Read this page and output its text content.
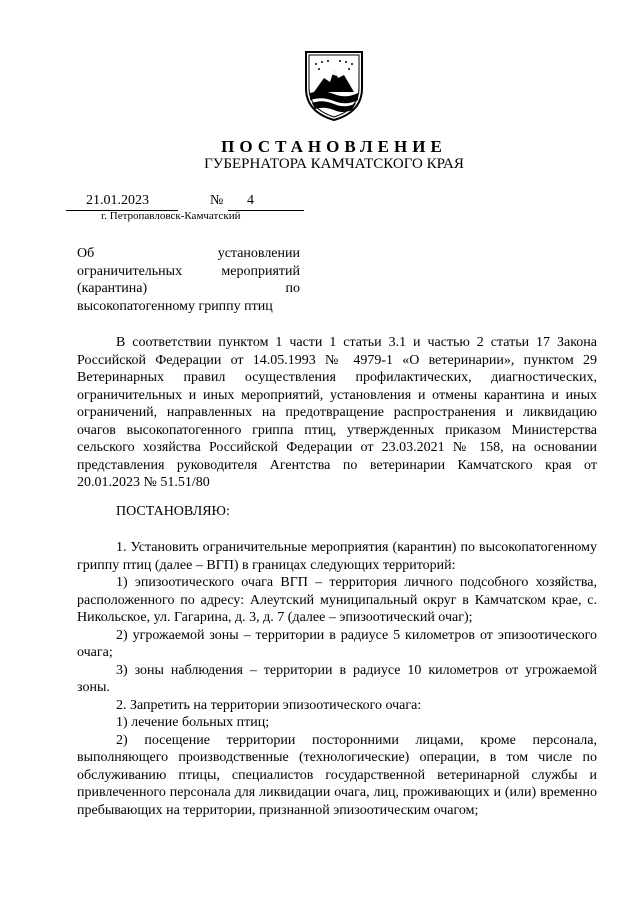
ПОСТАНОВЛЕНИЕ
ГУБЕРНАТОРА КАМЧАТСКОГО КРАЯ
21.01.2023	№ 4
г. Петропавловск-Камчатский
Об	установлении
ограничительных	мероприятий
(карантина)	по
высокопатогенному гриппу птиц

В соответствии пунктом 1 части 1 статьи 3.1 и частью 2 статьи 17 Закона Российской Федерации от 14.05.1993 № 4979-1 «О ветеринарии», пунктом 29 Ветеринарных правил осуществления профилактических, диагностических, ограничительных и иных мероприятий, установления и отмены карантина и иных ограничений, направленных на предотвращение распространения и ликвидацию очагов высокопатогенного гриппа птиц, утвержденных приказом Министерства сельского хозяйства Российской Федерации от 23.03.2021 № 158, на основании представления руководителя Агентства по ветеринарии Камчатского края от 20.01.2023 № 51.51/80

ПОСТАНОВЛЯЮ:

1. Установить ограничительные мероприятия (карантин) по высокопатогенному гриппу птиц (далее – ВГП) в границах следующих территорий:

1) эпизоотического очага ВГП – территория личного подсобного хозяйства, расположенного по адресу: Алеутский муниципальный округ в Камчатском крае, с. Никольское, ул. Гагарина, д. 3, д. 7 (далее – эпизоотический очаг);

2) угрожаемой зоны – территории в радиусе 5 километров от эпизоотического очага;

3) зоны наблюдения – территории в радиусе 10 километров от угрожаемой зоны.

2. Запретить на территории эпизоотического очага:

1) лечение больных птиц;

2) посещение территории посторонними лицами, кроме персонала, выполняющего производственные (технологические) операции, в том числе по обслуживанию птицы, специалистов государственной ветеринарной службы и привлеченного персонала для ликвидации очага, лиц, проживающих и (или) временно пребывающих на территории, признанной эпизоотическим очагом;
